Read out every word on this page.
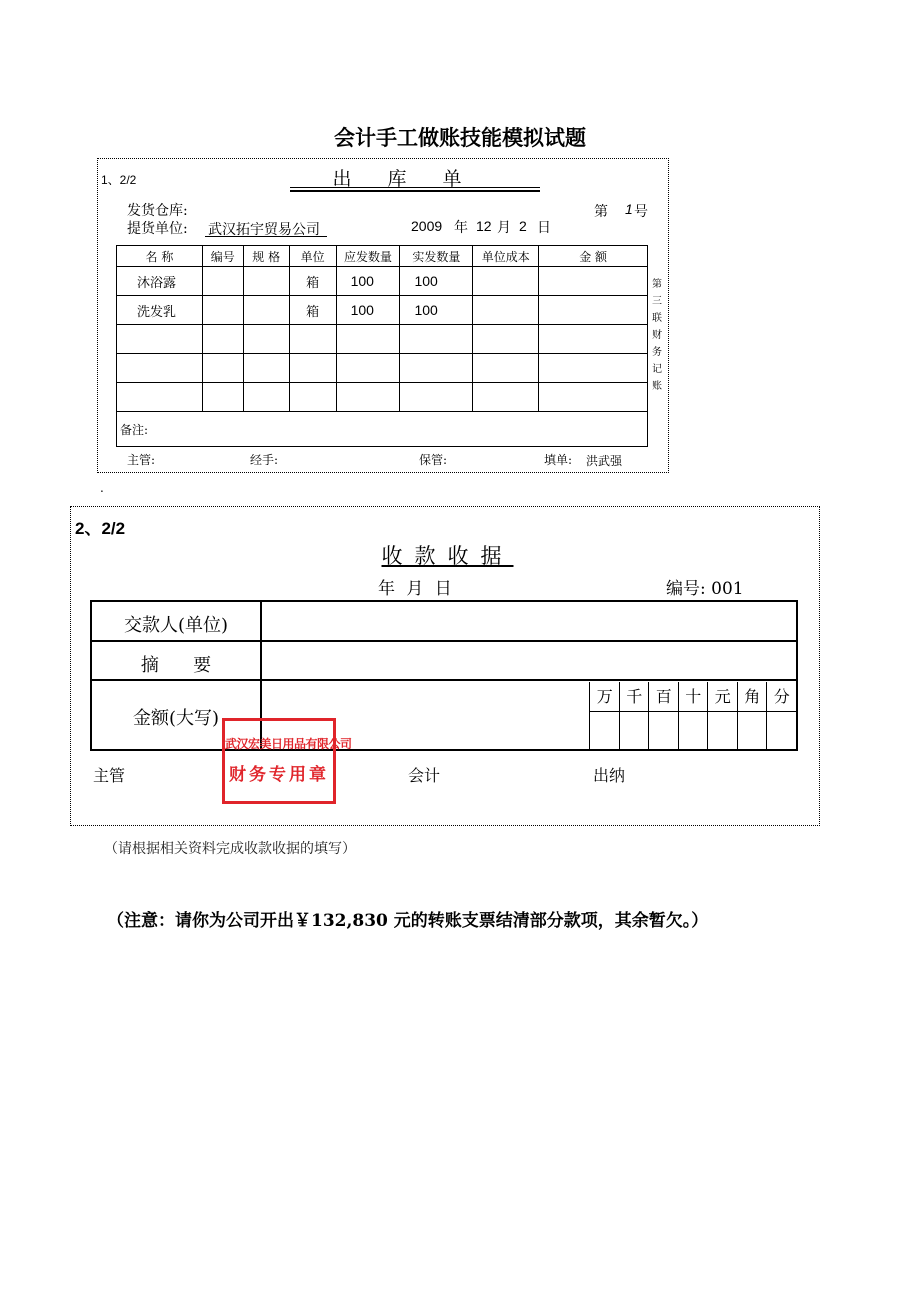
会计手工做账技能模拟试题
1、2/2	出库单
发货仓库:
提货单位: 武汉拓宇贸易公司	2009 年 12 月 2 日
第 1 号
名 称	编号	规 格	单位	应发数量	实发数量	单位成本	金 额
沐浴露			箱	100	100		
洗发乳			箱	100	100		

备注:							
第三联 财务记账
主管:	经手:	保管:	填单: 洪武强
.
2、2/2
收款收据
年 月 日	编号: 001
交款人(单位)
摘      要
金额(大写)
万 千 百 十 元 角 分
主管	会计	出纳
武汉宏美日用品有限公司
财务专用章
（请根据相关资料完成收款收据的填写）
（注意：请你为公司开出￥132,830 元的转账支票结清部分款项，其余暂欠。）
